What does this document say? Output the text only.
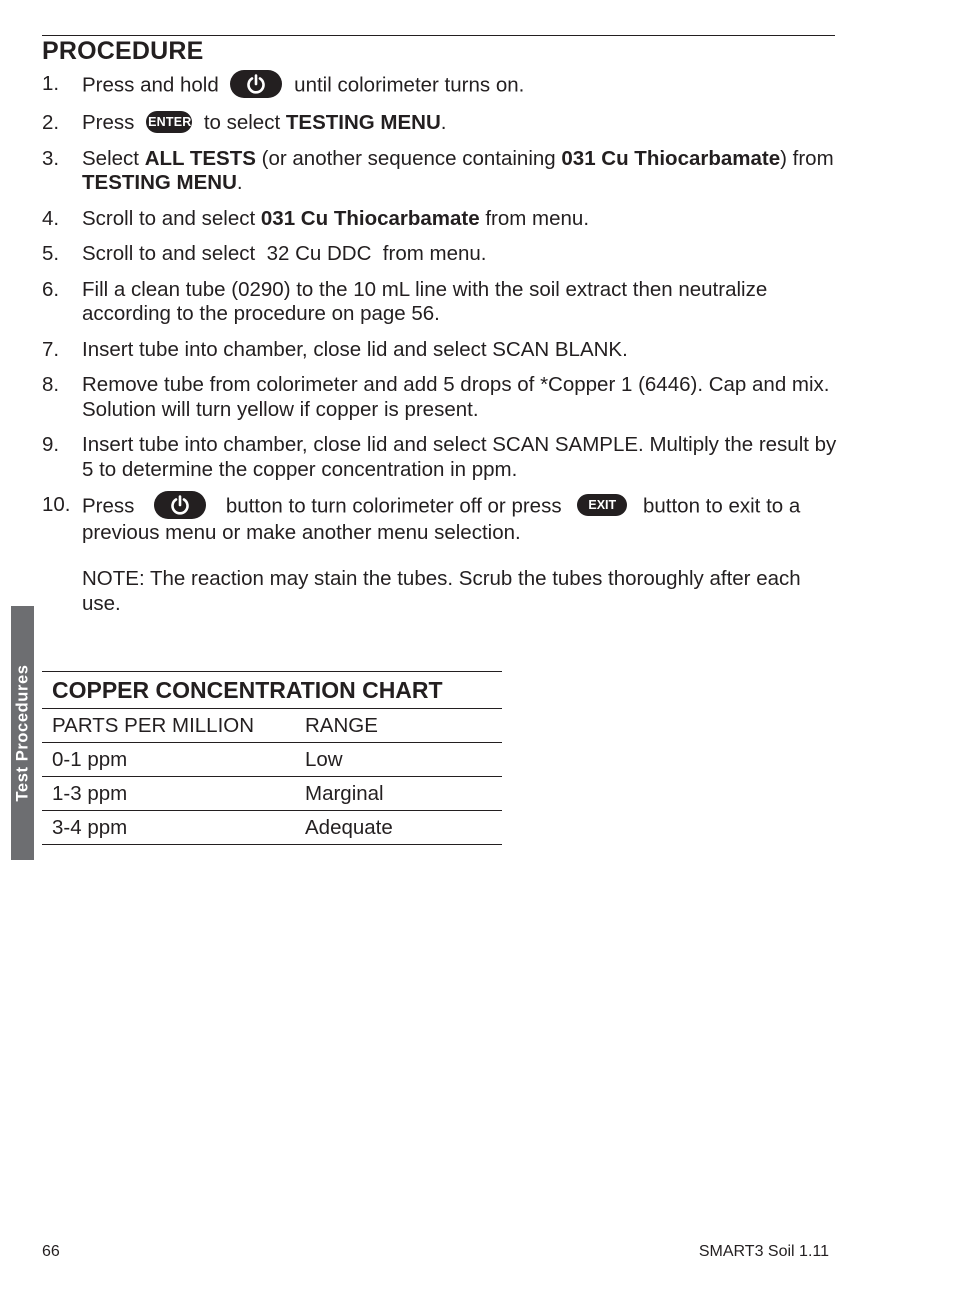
PROCEDURE
1. Press and hold	until colorimeter turns on.
2. Press ENTER to select TESTING MENU.
3. Select ALL TESTS (or another sequence containing 031 Cu Thiocarbamate) from TESTING MENU.
4. Scroll to and select 031 Cu Thiocarbamate from menu.
5. Scroll to and select  32 Cu DDC  from menu.
6. Fill a clean tube (0290) to the 10 mL line with the soil extract then neutralize according to the procedure on page 56.
7. Insert tube into chamber, close lid and select SCAN BLANK.
8. Remove tube from colorimeter and add 5 drops of *Copper 1 (6446). Cap and mix. Solution will turn yellow if copper is present.
9. Insert tube into chamber, close lid and select SCAN SAMPLE. Multiply the result by 5 to determine the copper concentration in ppm.
10. Press	button to turn colorimeter off or press EXIT button to exit to a previous menu or make another menu selection.
NOTE: The reaction may stain the tubes. Scrub the tubes thoroughly after each use.
Test Procedures COPPER CONCENTRATION CHART
PARTS PER MILLION RANGE
0-1 ppm	Low
1-3 ppm	Marginal
3-4 ppm	Adequate
66	SMART3 Soil 1.11
